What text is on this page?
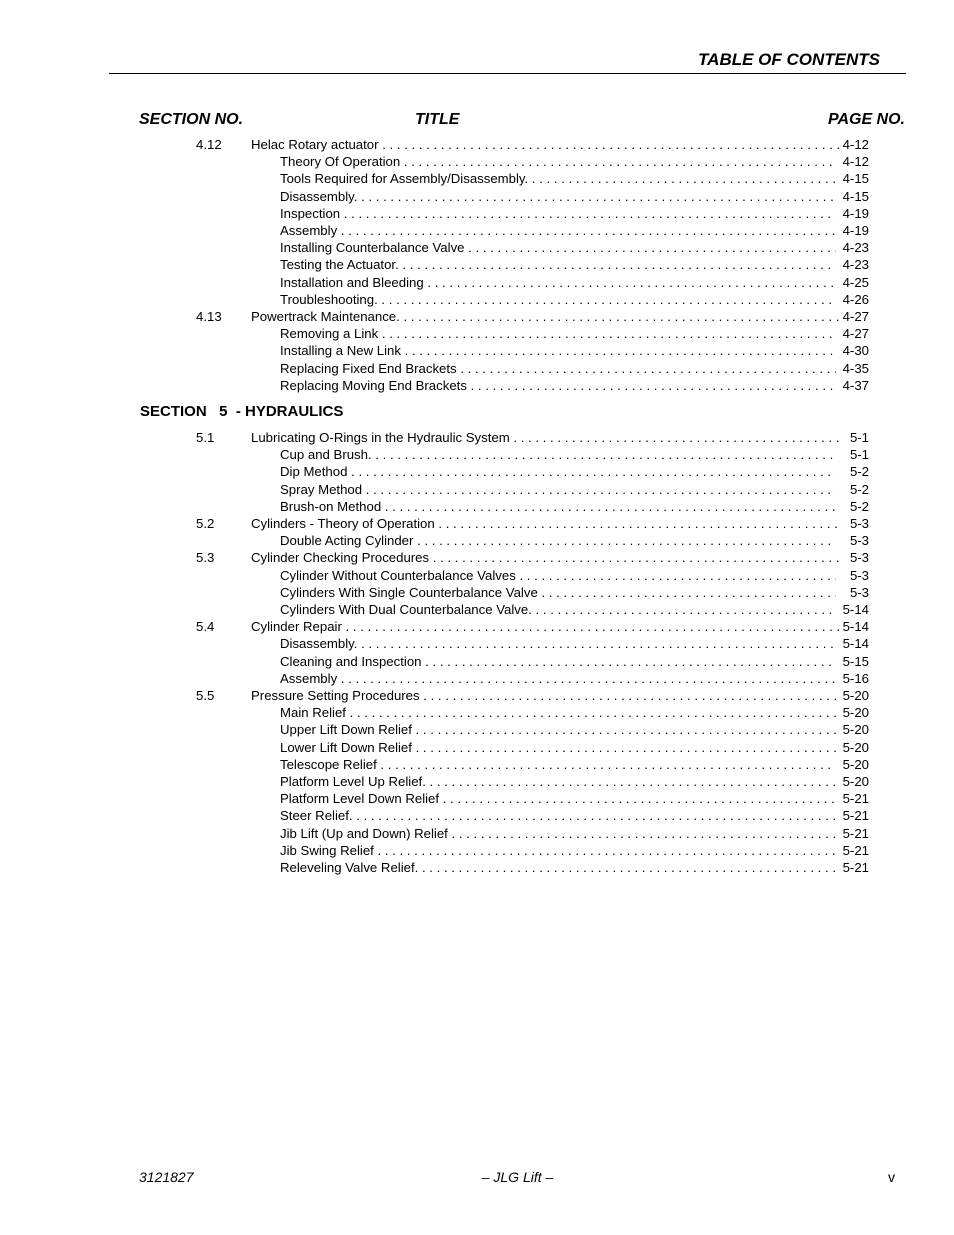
TABLE OF CONTENTS
SECTION NO.	TITLE	PAGE NO.
4.12 Helac Rotary actuator . . .	4-12
Theory Of Operation . . .	4-12
Tools Required for Assembly/Disassembly. . . .	4-15
Disassembly. . . .	4-15
Inspection . . .	4-19
Assembly . . .	4-19
Installing Counterbalance Valve . . .	4-23
Testing the Actuator. . . .	4-23
Installation and Bleeding . . .	4-25
Troubleshooting. . . .	4-26
4.13 Powertrack Maintenance. . . .	4-27
Removing a Link . . .	4-27
Installing a New Link . . .	4-30
Replacing Fixed End Brackets . . .	4-35
Replacing Moving End Brackets . . .	4-37
SECTION   5  - HYDRAULICS
5.1	Lubricating O-Rings in the Hydraulic System . . .	5-1
Cup and Brush. . . .	5-1
Dip Method . . .	5-2
Spray Method . . .	5-2
Brush-on Method . . .	5-2
5.2	Cylinders - Theory of Operation . . .	5-3
Double Acting Cylinder . . .	5-3
5.3	Cylinder Checking Procedures . . .	5-3
Cylinder Without Counterbalance Valves . . .	5-3
Cylinders With Single Counterbalance Valve . . .	5-3
Cylinders With Dual Counterbalance Valve. . . .	5-14
5.4	Cylinder Repair . . .	5-14
Disassembly. . . .	5-14
Cleaning and Inspection . . .	5-15
Assembly . . .	5-16
5.5	Pressure Setting Procedures . . .	5-20
Main Relief . . .	5-20
Upper Lift Down Relief . . .	5-20
Lower Lift Down Relief . . .	5-20
Telescope Relief . . .	5-20
Platform Level Up Relief. . . .	5-20
Platform Level Down Relief . . .	5-21
Steer Relief. . . .	5-21
Jib Lift (Up and Down) Relief . . .	5-21
Jib Swing Relief . . .	5-21
Releveling Valve Relief. . . .	5-21
3121827	– JLG Lift –	v
